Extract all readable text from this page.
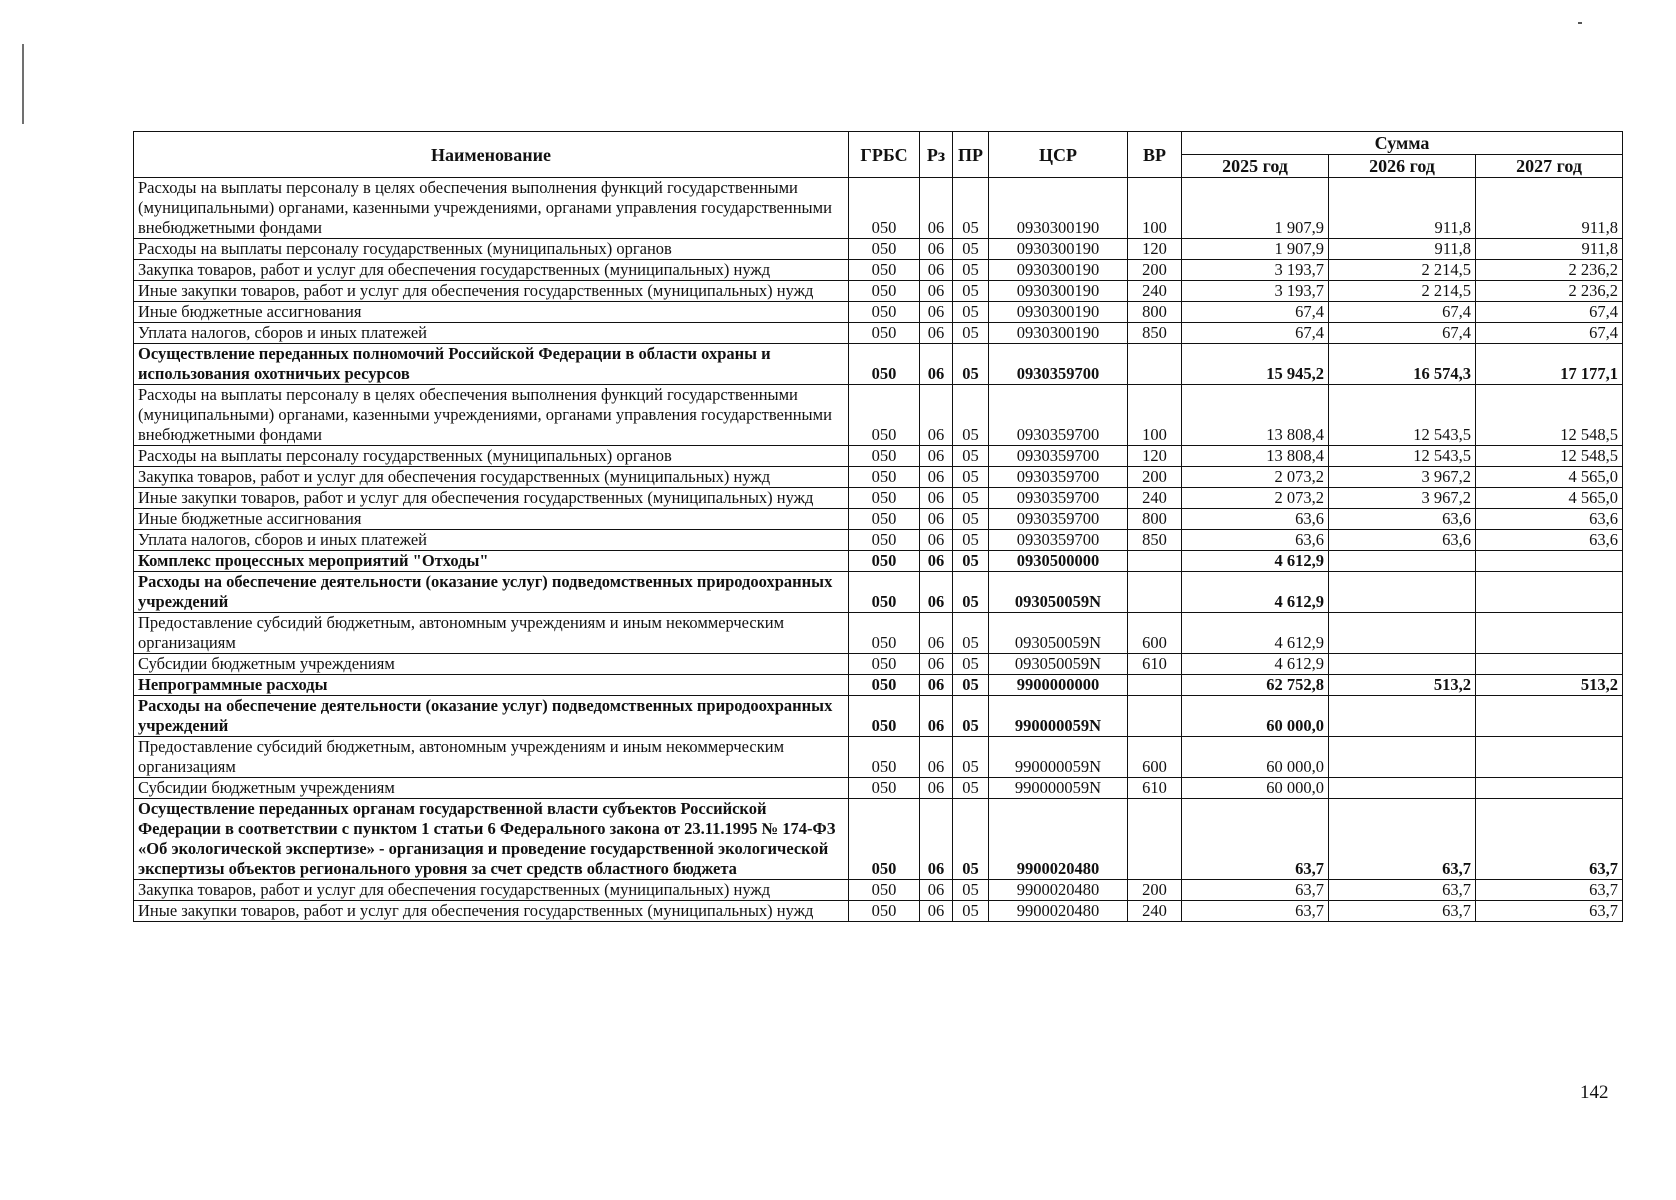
Наименование	ГРБС	Рз	ПР	ЦСР	ВР	Сумма		
						2025 год	2026 год	2027 год
Расходы на выплаты персоналу в целях обеспечения выполнения функций государственными (муниципальными) органами, казенными учреждениями, органами управления государственными внебюджетными фондами	050	06	05	0930300190	100	1 907,9	911,8	911,8
Расходы на выплаты персоналу государственных (муниципальных) органов	050	06	05	0930300190	120	1 907,9	911,8	911,8
Закупка товаров, работ и услуг для обеспечения государственных (муниципальных) нужд	050	06	05	0930300190	200	3 193,7	2 214,5	2 236,2
Иные закупки товаров, работ и услуг для обеспечения государственных (муниципальных) нужд	050	06	05	0930300190	240	3 193,7	2 214,5	2 236,2
Иные бюджетные ассигнования	050	06	05	0930300190	800	67,4	67,4	67,4
Уплата налогов, сборов и иных платежей	050	06	05	0930300190	850	67,4	67,4	67,4
Осуществление переданных полномочий Российской Федерации в области охраны и использования охотничьих ресурсов	050	06	05	0930359700		15 945,2	16 574,3	17 177,1
Расходы на выплаты персоналу в целях обеспечения выполнения функций государственными (муниципальными) органами, казенными учреждениями, органами управления государственными внебюджетными фондами	050	06	05	0930359700	100	13 808,4	12 543,5	12 548,5
Расходы на выплаты персоналу государственных (муниципальных) органов	050	06	05	0930359700	120	13 808,4	12 543,5	12 548,5
Закупка товаров, работ и услуг для обеспечения государственных (муниципальных) нужд	050	06	05	0930359700	200	2 073,2	3 967,2	4 565,0
Иные закупки товаров, работ и услуг для обеспечения государственных (муниципальных) нужд	050	06	05	0930359700	240	2 073,2	3 967,2	4 565,0
Иные бюджетные ассигнования	050	06	05	0930359700	800	63,6	63,6	63,6
Уплата налогов, сборов и иных платежей	050	06	05	0930359700	850	63,6	63,6	63,6
Комплекс процессных мероприятий "Отходы"	050	06	05	0930500000		4 612,9		
Расходы на обеспечение деятельности (оказание услуг) подведомственных природоохранных учреждений	050	06	05	093050059N		4 612,9		
Предоставление субсидий бюджетным, автономным учреждениям и иным некоммерческим организациям	050	06	05	093050059N	600	4 612,9		
Субсидии бюджетным учреждениям	050	06	05	093050059N	610	4 612,9		
Непрограммные расходы	050	06	05	9900000000		62 752,8	513,2	513,2
Расходы на обеспечение деятельности (оказание услуг) подведомственных природоохранных учреждений	050	06	05	990000059N		60 000,0		
Предоставление субсидий бюджетным, автономным учреждениям и иным некоммерческим организациям	050	06	05	990000059N	600	60 000,0		
Субсидии бюджетным учреждениям	050	06	05	990000059N	610	60 000,0		
Осуществление переданных органам государственной власти субъектов Российской Федерации в соответствии с пунктом 1 статьи 6 Федерального закона от 23.11.1995 № 174-ФЗ «Об экологической экспертизе» - организация и проведение государственной экологической экспертизы объектов регионального уровня за счет средств областного бюджета	050	06	05	9900020480		63,7	63,7	63,7
Закупка товаров, работ и услуг для обеспечения государственных (муниципальных) нужд	050	06	05	9900020480	200	63,7	63,7	63,7
Иные закупки товаров, работ и услуг для обеспечения государственных (муниципальных) нужд	050	06	05	9900020480	240	63,7	63,7	63,7
142
